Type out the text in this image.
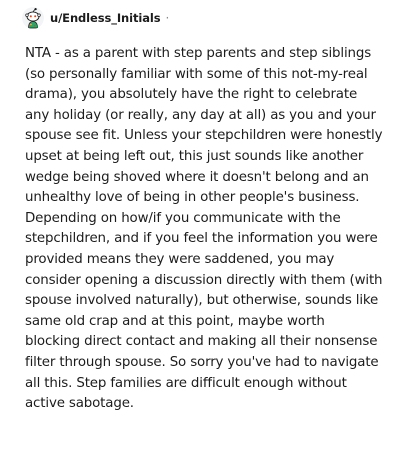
u/Endless_Initials ·

NTA - as a parent with step parents and step siblings (so personally familiar with some of this not-my-real drama), you absolutely have the right to celebrate any holiday (or really, any day at all) as you and your spouse see fit. Unless your stepchildren were honestly upset at being left out, this just sounds like another wedge being shoved where it doesn't belong and an unhealthy love of being in other people's business. Depending on how/if you communicate with the stepchildren, and if you feel the information you were provided means they were saddened, you may consider opening a discussion directly with them (with spouse involved naturally), but otherwise, sounds like same old crap and at this point, maybe worth blocking direct contact and making all their nonsense filter through spouse. So sorry you've had to navigate all this. Step families are difficult enough without active sabotage.
